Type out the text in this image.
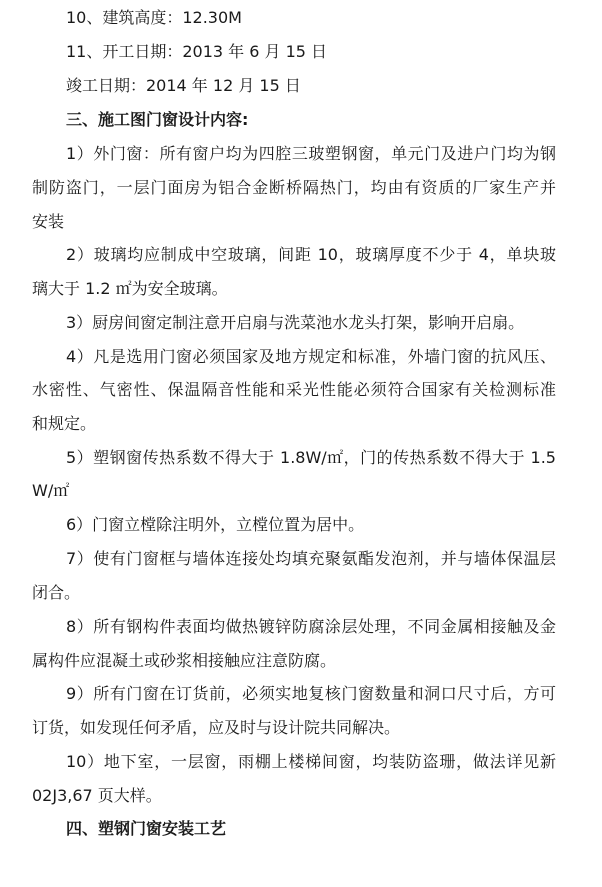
10、建筑高度：12.30M
11、开工日期：2013 年 6 月 15 日
竣工日期：2014 年 12 月 15 日
三、施工图门窗设计内容:
1）外门窗：所有窗户均为四腔三玻塑钢窗，单元门及进户门均为钢
制防盗门，一层门面房为铝合金断桥隔热门，均由有资质的厂家生产并
安装
2）玻璃均应制成中空玻璃，间距 10，玻璃厚度不少于 4，单块玻
璃大于 1.2 ㎡为安全玻璃。
3）厨房间窗定制注意开启扇与洗菜池水龙头打架，影响开启扇。
4）凡是选用门窗必须国家及地方规定和标准，外墙门窗的抗风压、
水密性、气密性、保温隔音性能和采光性能必须符合国家有关检测标准
和规定。
5）塑钢窗传热系数不得大于 1.8W/㎡，门的传热系数不得大于 1.5
W/㎡
6）门窗立樘除注明外，立樘位置为居中。
7）使有门窗框与墙体连接处均填充聚氨酯发泡剂，并与墙体保温层
闭合。
8）所有钢构件表面均做热镀锌防腐涂层处理，不同金属相接触及金
属构件应混凝土或砂浆相接触应注意防腐。
9）所有门窗在订货前，必须实地复核门窗数量和洞口尺寸后，方可
订货，如发现任何矛盾，应及时与设计院共同解决。
10）地下室，一层窗，雨棚上楼梯间窗，均装防盗珊，做法详见新
02J3,67 页大样。
四、塑钢门窗安装工艺
